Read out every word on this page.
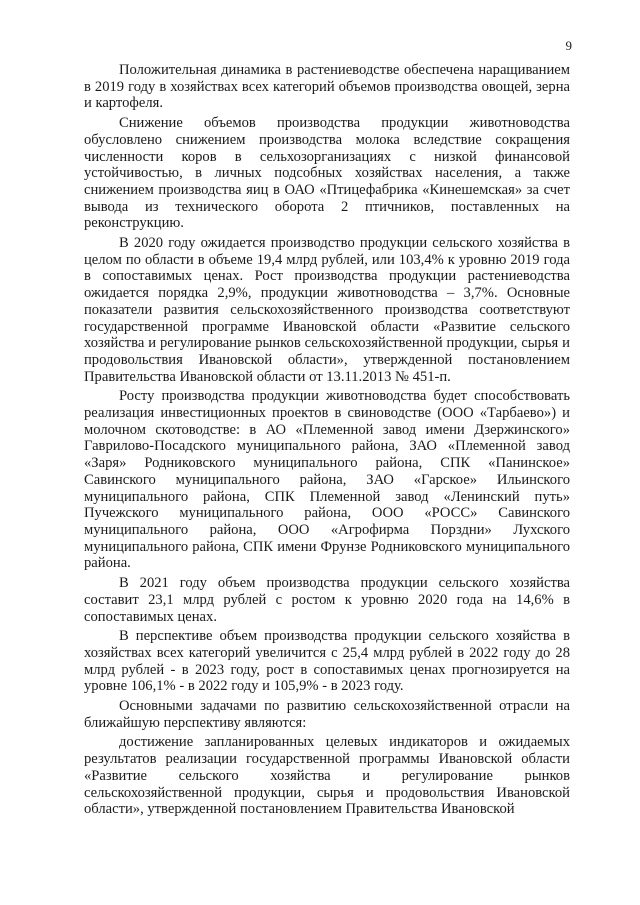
9

Положительная динамика в растениеводстве обеспечена наращиванием в 2019 году в хозяйствах всех категорий объемов производства овощей, зерна и картофеля.

Снижение объемов производства продукции животноводства обусловлено снижением производства молока вследствие сокращения численности коров в сельхозорганизациях с низкой финансовой устойчивостью, в личных подсобных хозяйствах населения, а также снижением производства яиц в ОАО «Птицефабрика «Кинешемская» за счет вывода из технического оборота 2 птичников, поставленных на реконструкцию.

В 2020 году ожидается производство продукции сельского хозяйства в целом по области в объеме 19,4 млрд рублей, или 103,4% к уровню 2019 года в сопоставимых ценах. Рост производства продукции растениеводства ожидается порядка 2,9%, продукции животноводства – 3,7%. Основные показатели развития сельскохозяйственного производства соответствуют государственной программе Ивановской области «Развитие сельского хозяйства и регулирование рынков сельскохозяйственной продукции, сырья и продовольствия Ивановской области», утвержденной постановлением Правительства Ивановской области от 13.11.2013 № 451-п.

Росту производства продукции животноводства будет способствовать реализация инвестиционных проектов в свиноводстве (ООО «Тарбаево») и молочном скотоводстве: в АО «Племенной завод имени Дзержинского» Гаврилово-Посадского муниципального района, ЗАО «Племенной завод «Заря» Родниковского муниципального района, СПК «Панинское» Савинского муниципального района, ЗАО «Гарское» Ильинского муниципального района, СПК Племенной завод «Ленинский путь» Пучежского муниципального района, ООО «РОСС» Савинского муниципального района, ООО «Агрофирма Порздни» Лухского муниципального района, СПК имени Фрунзе Родниковского муниципального района.

В 2021 году объем производства продукции сельского хозяйства составит 23,1 млрд рублей с ростом к уровню 2020 года на 14,6% в сопоставимых ценах.

В перспективе объем производства продукции сельского хозяйства в хозяйствах всех категорий увеличится с 25,4 млрд рублей в 2022 году до 28 млрд рублей - в 2023 году, рост в сопоставимых ценах прогнозируется на уровне 106,1% - в 2022 году и 105,9% - в 2023 году.

Основными задачами по развитию сельскохозяйственной отрасли на ближайшую перспективу являются:

достижение запланированных целевых индикаторов и ожидаемых результатов реализации государственной программы Ивановской области «Развитие сельского хозяйства и регулирование рынков сельскохозяйственной продукции, сырья и продовольствия Ивановской области», утвержденной постановлением Правительства Ивановской
